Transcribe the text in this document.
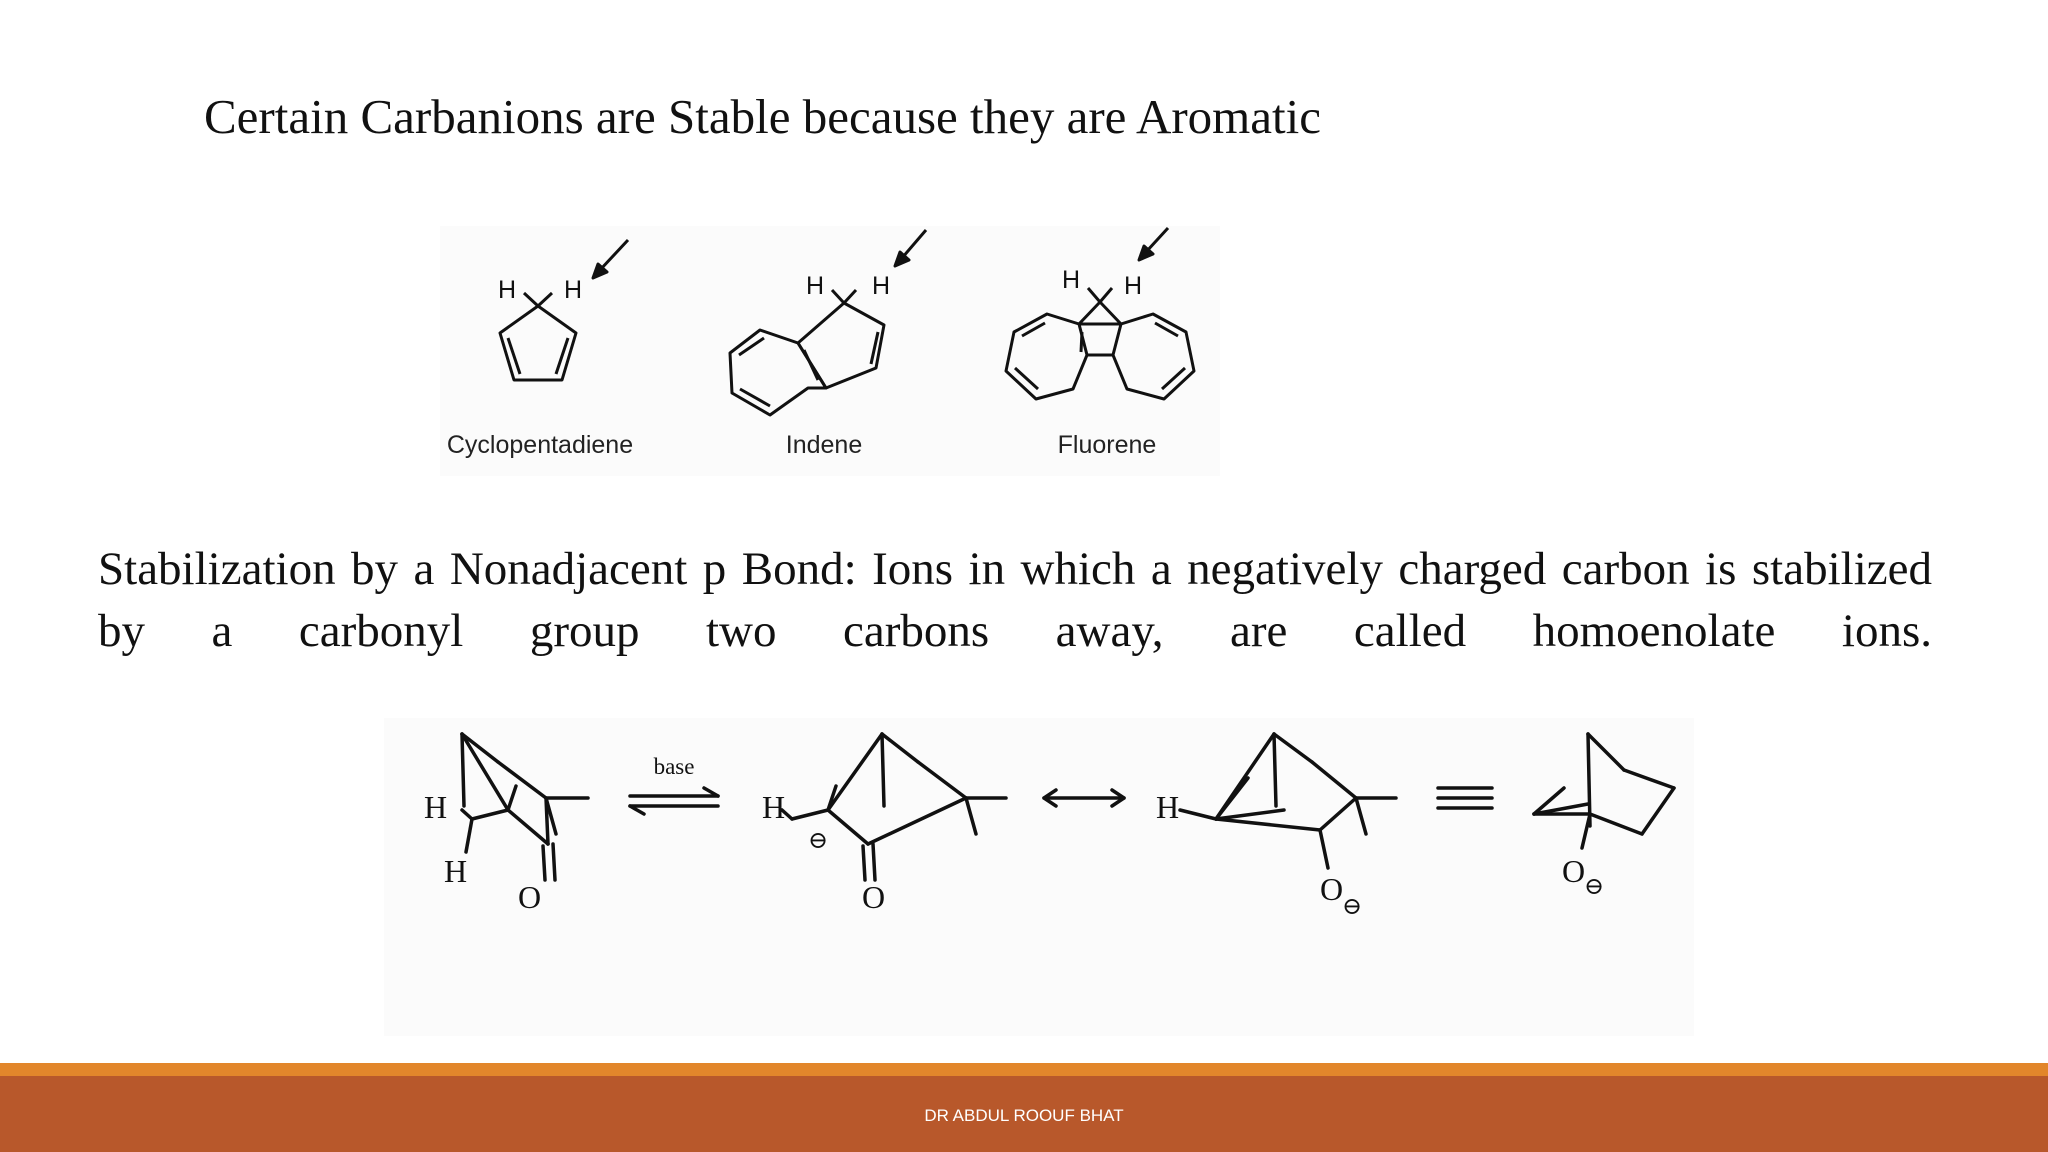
Certain Carbanions are Stable because they are Aromatic
H H	H H	H H
Cyclopentadiene	Indene	Fluorene

Stabilization by a Nonadjacent p Bond: Ions in which a negatively charged carbon is stabilized by a carbonyl group two carbons away, are called homoenolate ions.

base
H
H
O
H
⊖
O
H
O
⊖
O
⊖
DR ABDUL ROOUF BHAT
